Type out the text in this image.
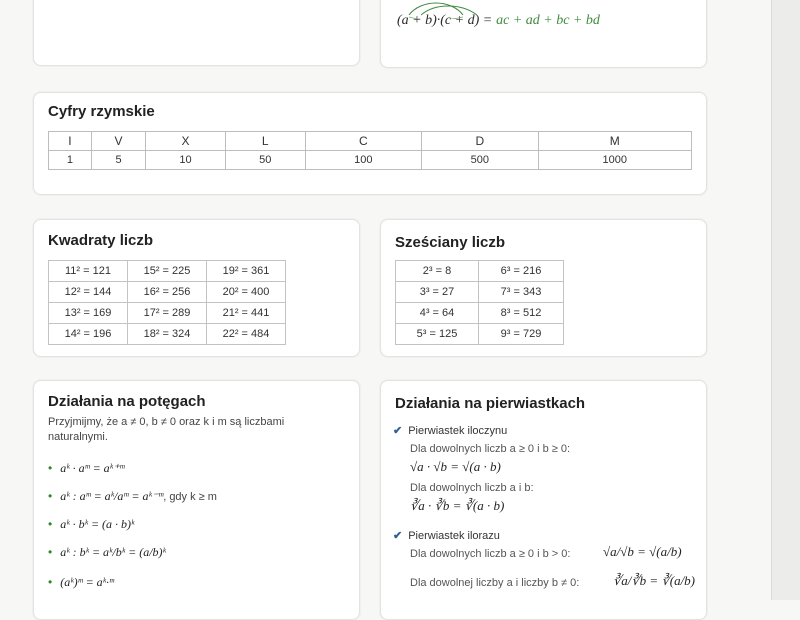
(a + b)·(c + d) = ac + ad + bc + bd
Cyfry rzymskie
I	V	X	L	C	D	M
1	5	10	50	100	500	1000
Kwadraty liczb
11² = 121	15² = 225	19² = 361
12² = 144	16² = 256	20² = 400
13² = 169	17² = 289	21² = 441
14² = 196	18² = 324	22² = 484
Sześciany liczb
2³ = 8	6³ = 216
3³ = 27	7³ = 343
4³ = 64	8³ = 512
5³ = 125	9³ = 729
Działania na potęgach
Przyjmijmy, że a ≠ 0, b ≠ 0 oraz k i m są liczbami naturalnymi.
• aᵏ · aᵐ = aᵏ⁺ᵐ
• aᵏ : aᵐ = aᵏ/aᵐ = aᵏ⁻ᵐ, gdy k ≥ m
• aᵏ · bᵏ = (a · b)ᵏ
• aᵏ : bᵏ = aᵏ/bᵏ = (a/b)ᵏ
• (aᵏ)ᵐ = aᵏ·ᵐ
Działania na pierwiastkach
✔ Pierwiastek iloczynu
Dla dowolnych liczb a ≥ 0 i b ≥ 0:
√a · √b = √(a · b)
Dla dowolnych liczb a i b:
∛a · ∛b = ∛(a · b)
✔ Pierwiastek ilorazu
Dla dowolnych liczb a ≥ 0 i b > 0:	√a/√b = √(a/b)
Dla dowolnej liczby a i liczby b ≠ 0:	∛a/∛b = ∛(a/b)
